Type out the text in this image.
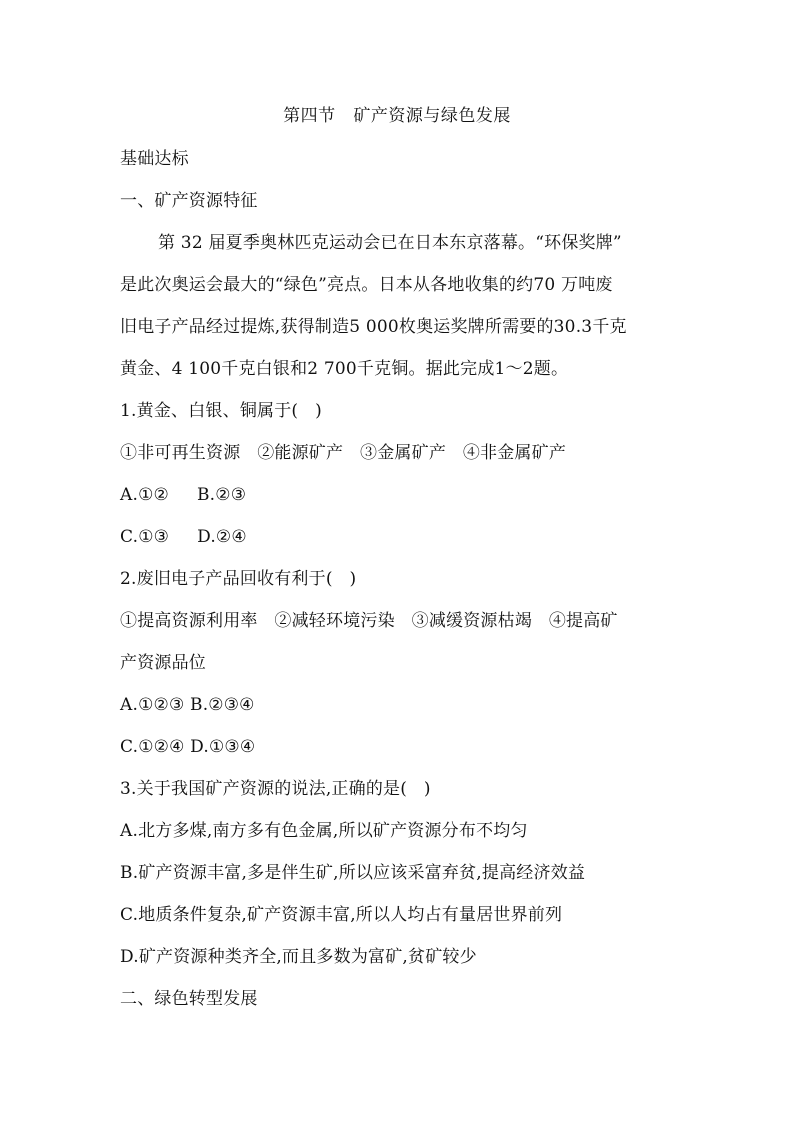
第四节   矿产资源与绿色发展
基础达标
一、矿产资源特征
第 32 届夏季奥林匹克运动会已在日本东京落幕。“环保奖牌”
是此次奥运会最大的“绿色”亮点。日本从各地收集的约70 万吨废
旧电子产品经过提炼,获得制造5 000枚奥运奖牌所需要的30.3千克
黄金、4 100千克白银和2 700千克铜。据此完成1～2题。
1.黄金、白银、铜属于(   )
①非可再生资源   ②能源矿产   ③金属矿产   ④非金属矿产
A.①②     B.②③
C.①③     D.②④
2.废旧电子产品回收有利于(   )
①提高资源利用率   ②减轻环境污染   ③减缓资源枯竭   ④提高矿
产资源品位
A.①②③ B.②③④
C.①②④ D.①③④
3.关于我国矿产资源的说法,正确的是(   )
A.北方多煤,南方多有色金属,所以矿产资源分布不均匀
B.矿产资源丰富,多是伴生矿,所以应该采富弃贫,提高经济效益
C.地质条件复杂,矿产资源丰富,所以人均占有量居世界前列
D.矿产资源种类齐全,而且多数为富矿,贫矿较少
二、绿色转型发展
